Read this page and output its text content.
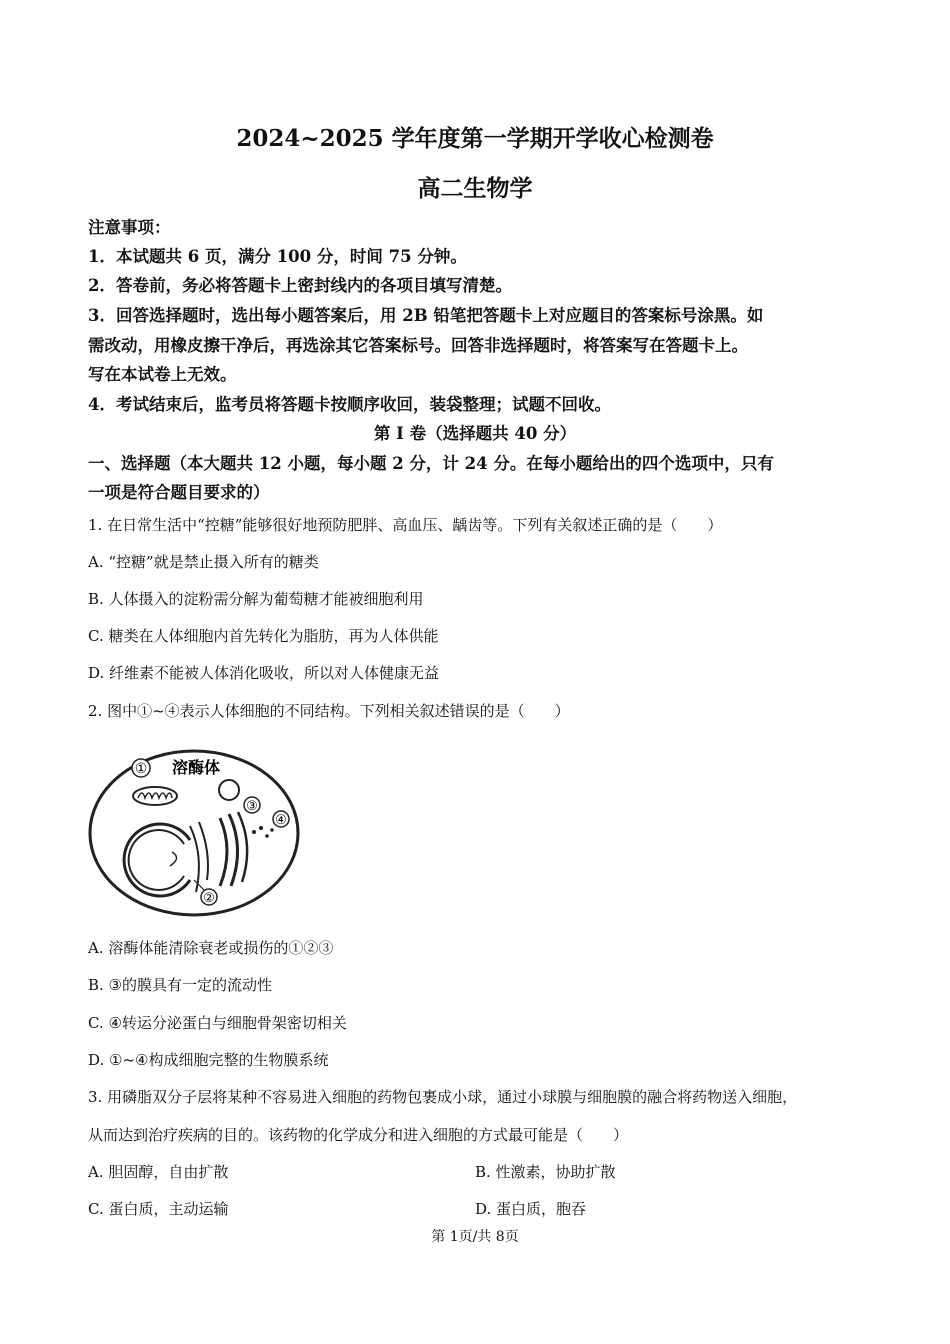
2024~2025 学年度第一学期开学收心检测卷
高二生物学
注意事项：
1．本试题共 6 页，满分 100 分，时间 75 分钟。
2．答卷前，务必将答题卡上密封线内的各项目填写清楚。
3．回答选择题时，选出每小题答案后，用 2B 铅笔把答题卡上对应题目的答案标号涂黑。如
需改动，用橡皮擦干净后，再选涂其它答案标号。回答非选择题时，将答案写在答题卡上。
写在本试卷上无效。
4．考试结束后，监考员将答题卡按顺序收回，装袋整理；试题不回收。
第 I 卷（选择题共 40 分）
一、选择题（本大题共 12 小题，每小题 2 分，计 24 分。在每小题给出的四个选项中，只有
一项是符合题目要求的）
1. 在日常生活中“控糖”能够很好地预防肥胖、高血压、龋齿等。下列有关叙述正确的是（　　）
A. “控糖”就是禁止摄入所有的糖类
B. 人体摄入的淀粉需分解为葡萄糖才能被细胞利用
C. 糖类在人体细胞内首先转化为脂肪，再为人体供能
D. 纤维素不能被人体消化吸收，所以对人体健康无益
2. 图中①~④表示人体细胞的不同结构。下列相关叙述错误的是（　　）
① 溶酶体
③
④
②
A. 溶酶体能清除衰老或损伤的①②③
B. ③的膜具有一定的流动性
C. ④转运分泌蛋白与细胞骨架密切相关
D. ①~④构成细胞完整的生物膜系统
3. 用磷脂双分子层将某种不容易进入细胞的药物包裹成小球，通过小球膜与细胞膜的融合将药物送入细胞，
从而达到治疗疾病的目的。该药物的化学成分和进入细胞的方式最可能是（　　）
A. 胆固醇，自由扩散	B. 性激素，协助扩散
C. 蛋白质，主动运输	D. 蛋白质，胞吞
第 1页/共 8页
